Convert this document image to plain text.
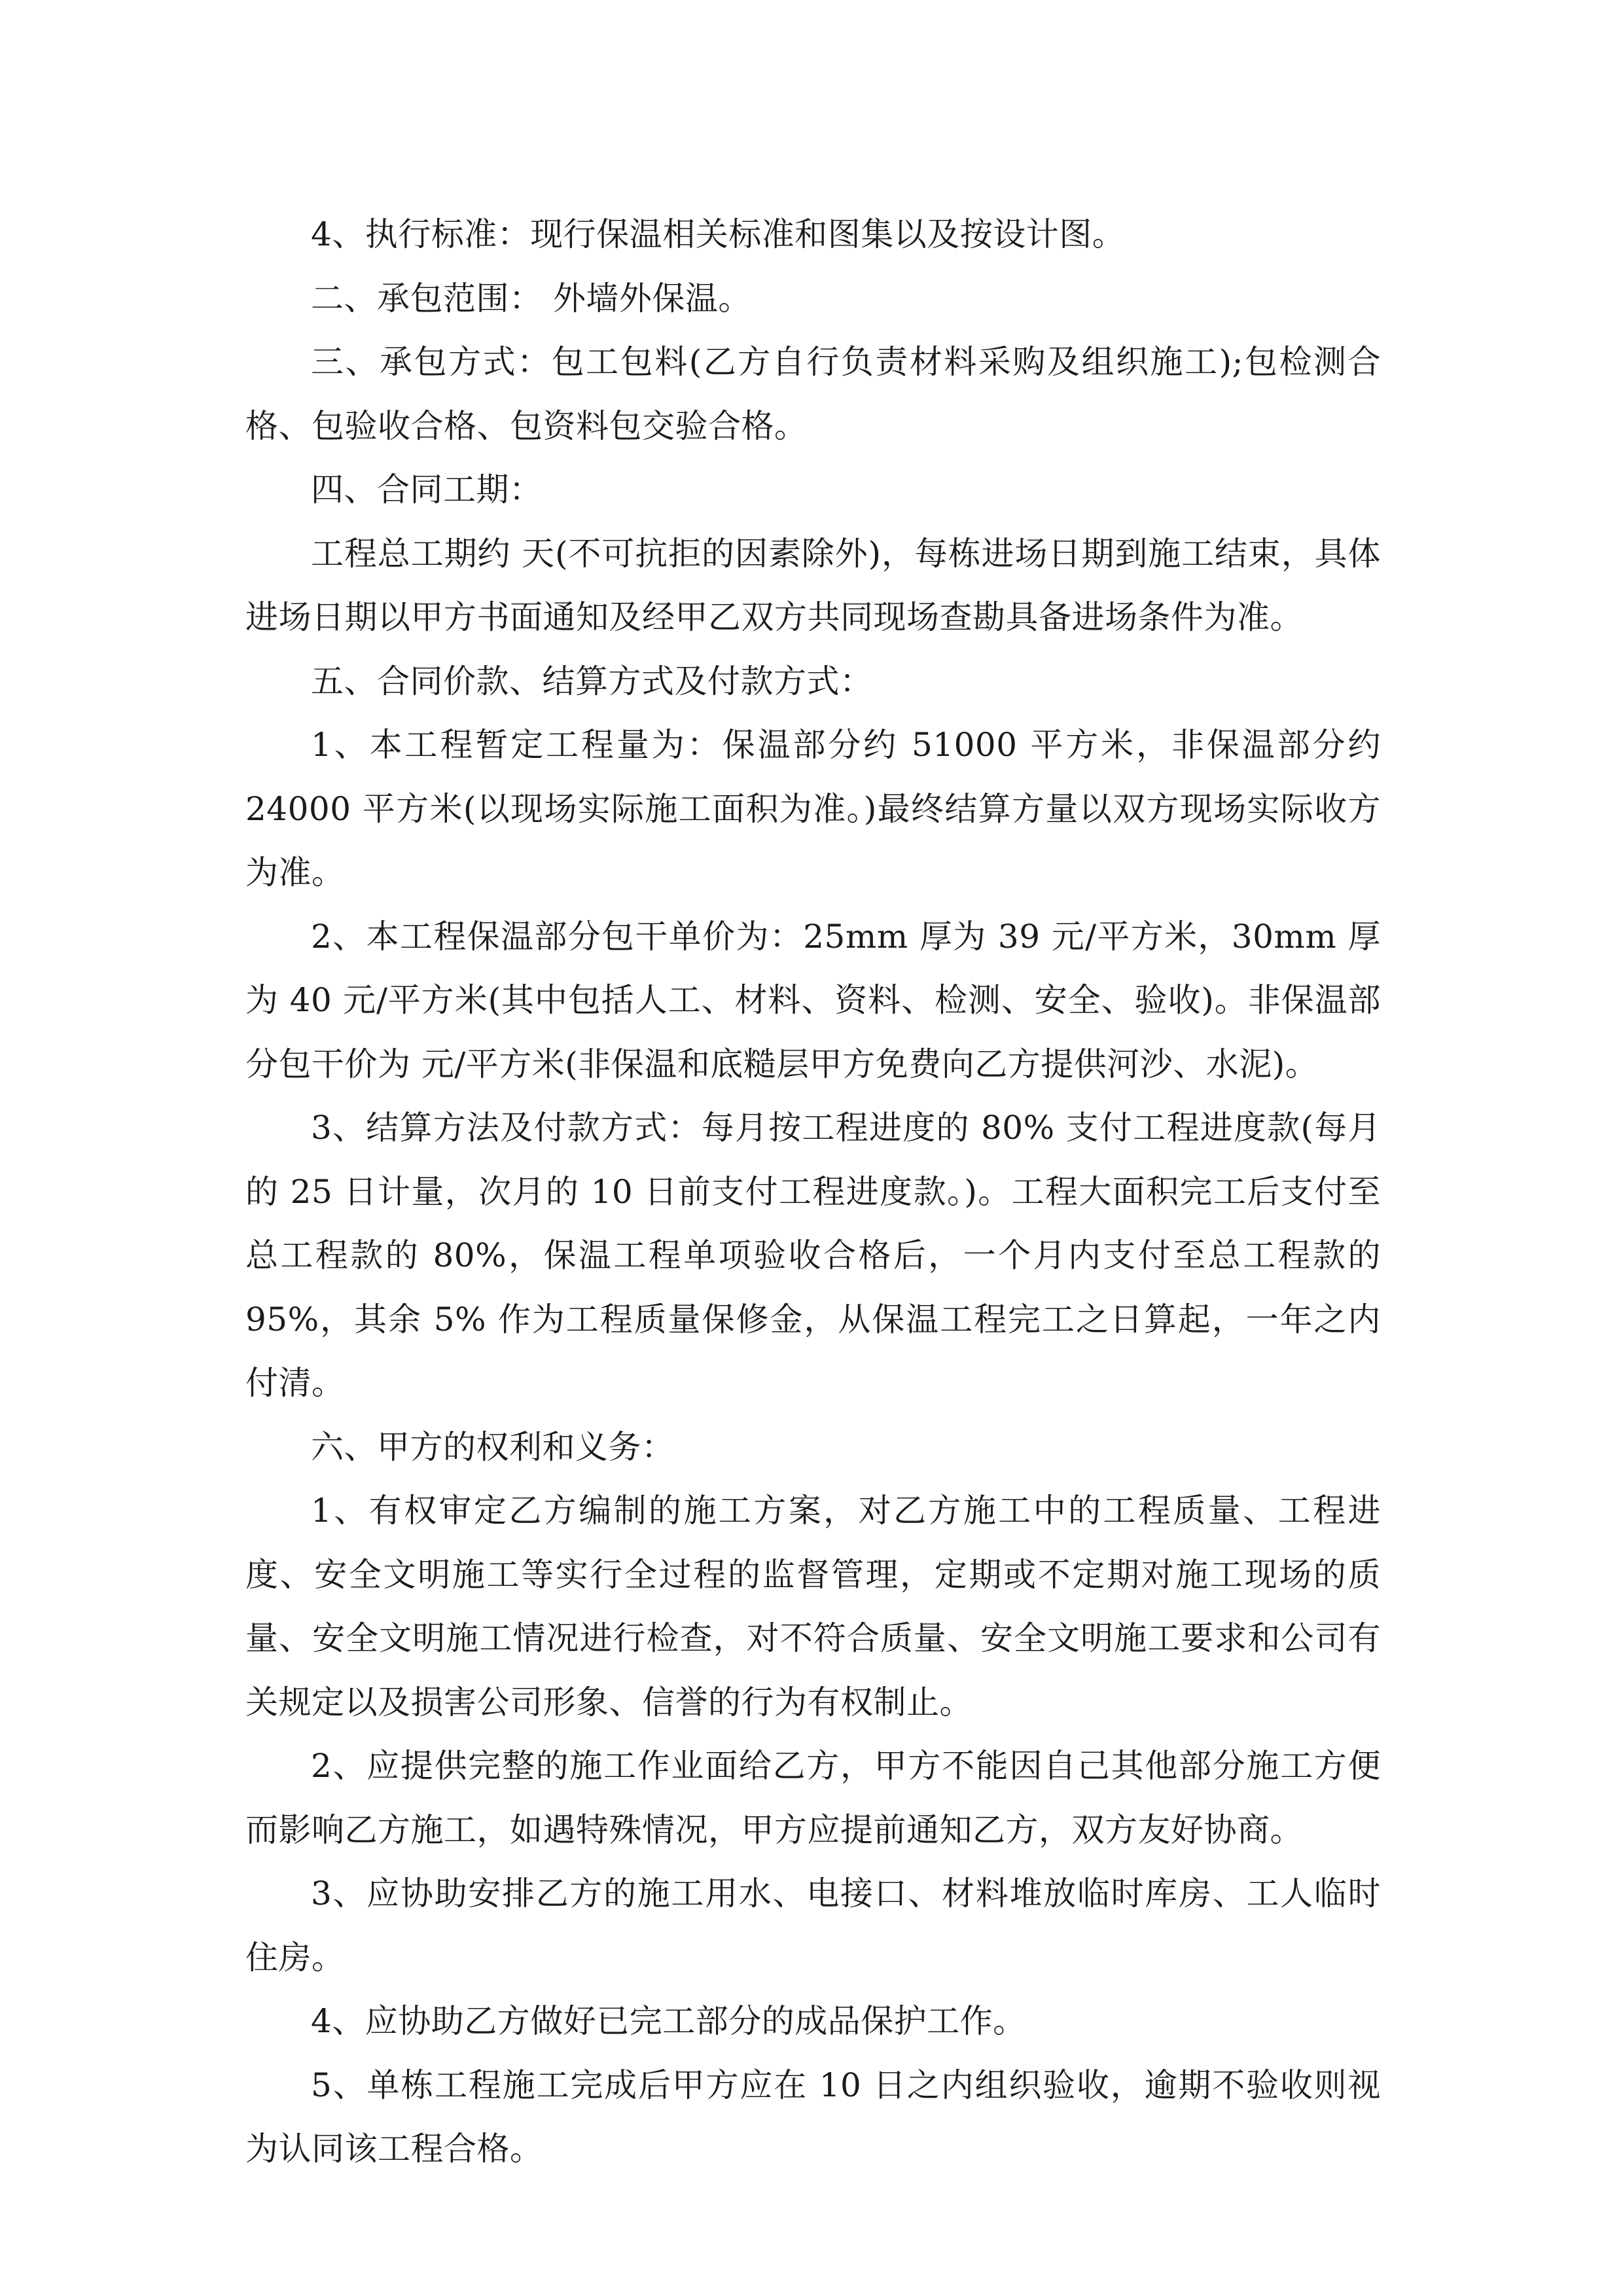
4、执行标准：现行保温相关标准和图集以及按设计图。

二、承包范围： 外墙外保温。

三、承包方式：包工包料(乙方自行负责材料采购及组织施工);包检测合格、包验收合格、包资料包交验合格。

四、合同工期：

工程总工期约 天(不可抗拒的因素除外)，每栋进场日期到施工结束，具体进场日期以甲方书面通知及经甲乙双方共同现场查勘具备进场条件为准。

五、合同价款、结算方式及付款方式：

1、本工程暂定工程量为：保温部分约 51000 平方米，非保温部分约 24000 平方米(以现场实际施工面积为准。)最终结算方量以双方现场实际收方为准。

2、本工程保温部分包干单价为：25mm 厚为 39 元/平方米，30mm 厚 为 40 元/平方米(其中包括人工、材料、资料、检测、安全、验收)。非保温部分包干价为 元/平方米(非保温和底糙层甲方免费向乙方提供河沙、水泥)。

3、结算方法及付款方式：每月按工程进度的 80% 支付工程进度款(每月的 25 日计量，次月的 10 日前支付工程进度款。)。工程大面积完工后支付至总工程款的 80%，保温工程单项验收合格后，一个月内支付至总工程款的 95%，其余 5% 作为工程质量保修金，从保温工程完工之日算起，一年之内付清。

六、甲方的权利和义务：

1、有权审定乙方编制的施工方案，对乙方施工中的工程质量、工程进度、安全文明施工等实行全过程的监督管理，定期或不定期对施工现场的质量、安全文明施工情况进行检查，对不符合质量、安全文明施工要求和公司有关规定以及损害公司形象、信誉的行为有权制止。

2、应提供完整的施工作业面给乙方，甲方不能因自己其他部分施工方便而影响乙方施工，如遇特殊情况，甲方应提前通知乙方，双方友好协商。

3、应协助安排乙方的施工用水、电接口、材料堆放临时库房、工人临时住房。

4、应协助乙方做好已完工部分的成品保护工作。

5、单栋工程施工完成后甲方应在 10 日之内组织验收，逾期不验收则视为认同该工程合格。
